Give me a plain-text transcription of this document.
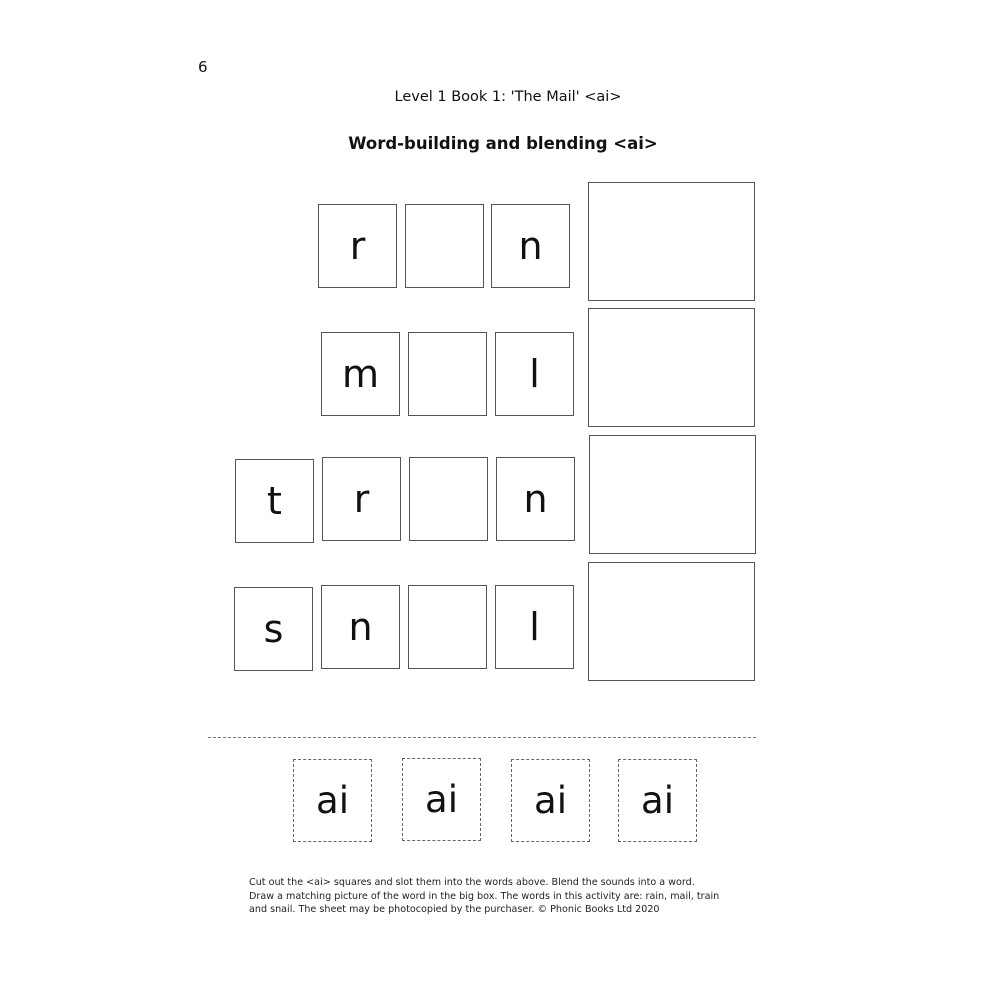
6
Level 1 Book 1: 'The Mail' <ai>
Word-building and blending <ai>
r	n
m	l
t r	n
s n	l
ai ai ai ai
Cut out the <ai> squares and slot them into the words above. Blend the sounds into a word.
Draw a matching picture of the word in the big box. The words in this activity are: rain, mail, train
and snail. The sheet may be photocopied by the purchaser. © Phonic Books Ltd 2020
